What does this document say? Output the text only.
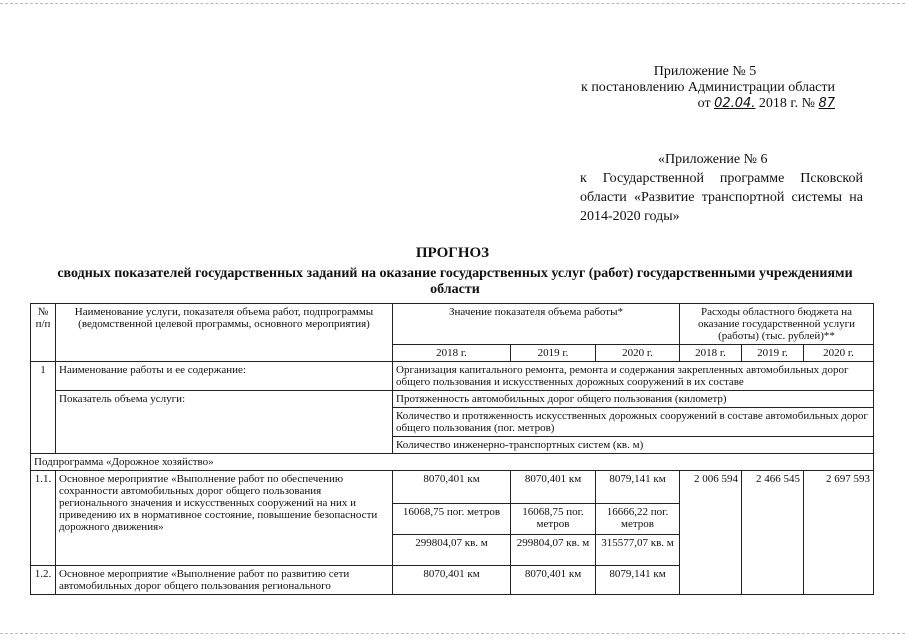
Приложение № 5
к постановлению Администрации области
от 02.04. 2018 г. № 87
«Приложение № 6
к Государственной программе Псковской области «Развитие транспортной системы на 2014-2020 годы»
ПРОГНОЗ
сводных показателей государственных заданий на оказание государственных услуг (работ) государственными учреждениями области
№ п/п	Наименование услуги, показателя объема работ, подпрограммы (ведомственной целевой программы, основного мероприятия)	Значение показателя объема работы*			Расходы областного бюджета на оказание государственной услуги (работы) (тыс. рублей)**		
		2018 г.	2019 г.	2020 г.	2018 г.	2019 г.	2020 г.
1	Наименование работы и ее содержание:	Организация капитального ремонта, ремонта и содержания закрепленных автомобильных дорог общего пользования и искусственных дорожных сооружений в их составе					
	Показатель объема услуги:	Протяженность автомобильных дорог общего пользования (километр)					
		Количество и протяженность искусственных дорожных сооружений в составе автомобильных дорог общего пользования (пог. метров)					
		Количество инженерно-транспортных систем (кв. м)					
Подпрограмма «Дорожное хозяйство»							
1.1.	Основное мероприятие «Выполнение работ по обеспечению сохранности автомобильных дорог общего пользования регионального значения и искусственных сооружений на них и приведению их в нормативное состояние, повышение безопасности дорожного движения»	8070,401 км	8070,401 км	8079,141 км	2 006 594	2 466 545	2 697 593
		16068,75 пог. метров	16068,75 пог. метров	16666,22 пог. метров			
		299804,07 кв. м	299804,07 кв. м	315577,07 кв. м			
1.2.	Основное мероприятие «Выполнение работ по развитию сети автомобильных дорог общего пользования регионального	8070,401 км	8070,401 км	8079,141 км			
